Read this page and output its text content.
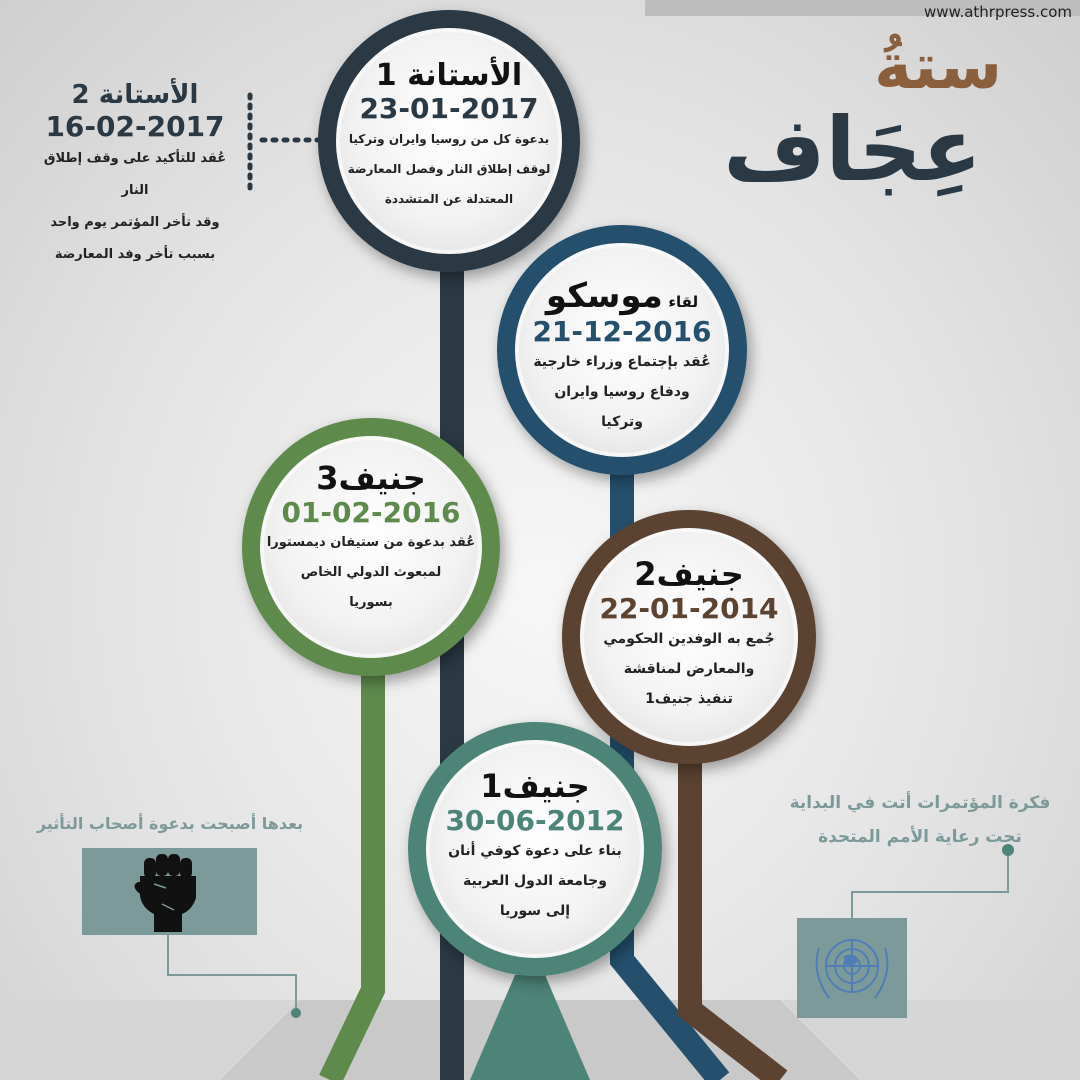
www.athrpress.com
ستةُ
عِجَاف
الأستانة 2
16-02-2017
عُقد للتأكيد على وقف إطلاق النار
وقد تأخر المؤتمر يوم واحد
بسبب تأخر وفد المعارضة
الأستانة 1
23-01-2017
بدعوة كل من روسيا وايران وتركيا
لوقف إطلاق النار وفصل المعارضة
المعتدلة عن المتشددة
لقاء موسكو
21-12-2016
عُقد بإجتماع وزراء خارجية
ودفاع روسيا وايران
وتركيا
جنيف3
01-02-2016
عُقد بدعوة من ستيفان ديمستورا
لمبعوث الدولي الخاص
بسوريا
جنيف2
22-01-2014
جُمع به الوفدين الحكومي
والمعارض لمناقشة
تنفيذ جنيف1
جنيف1
30-06-2012
بناء على دعوة كوفي أنان
وجامعة الدول العربية
إلى سوريا
بعدها أصبحت بدعوة أصحاب التأثير
فكرة المؤتمرات أتت في البداية
تحت رعاية الأمم المتحدة
